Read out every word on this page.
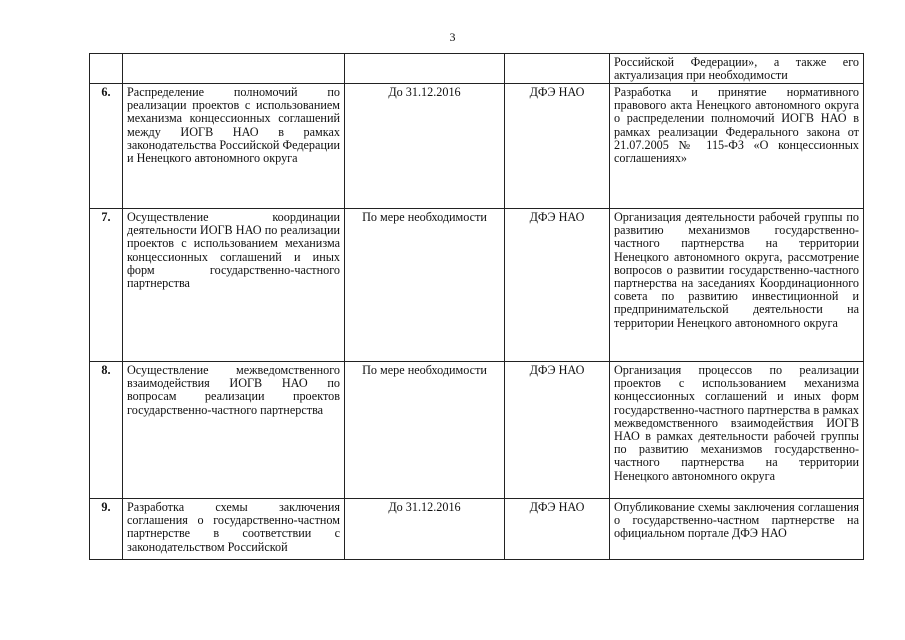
3
				Российской Федерации», а также его актуализация при необходимости
6.	Распределение полномочий по реализации проектов с использованием механизма концессионных соглашений между ИОГВ НАО в рамках законодательства Российской Федерации и Ненецкого автономного округа	До 31.12.2016	ДФЭ НАО	Разработка и принятие нормативного правового акта Ненецкого автономного округа о распределении полномочий ИОГВ НАО в рамках реализации Федерального закона от 21.07.2005 № 115-ФЗ «О концессионных соглашениях»
7.	Осуществление координации деятельности ИОГВ НАО по реализации проектов с использованием механизма концессионных соглашений и иных форм государственно-частного партнерства	По мере необходимости	ДФЭ НАО	Организация деятельности рабочей группы по развитию механизмов государственно-частного партнерства на территории Ненецкого автономного округа, рассмотрение вопросов о развитии государственно-частного партнерства на заседаниях Координационного совета по развитию инвестиционной и предпринимательской деятельности на территории Ненецкого автономного округа
8.	Осуществление межведомственного взаимодействия ИОГВ НАО по вопросам реализации проектов государственно-частного партнерства	По мере необходимости	ДФЭ НАО	Организация процессов по реализации проектов с использованием механизма концессионных соглашений и иных форм государственно-частного партнерства в рамках межведомственного взаимодействия ИОГВ НАО в рамках деятельности рабочей группы по развитию механизмов государственно-частного партнерства на территории Ненецкого автономного округа
9.	Разработка схемы заключения соглашения о государственно-частном партнерстве в соответствии с законодательством Российской	До 31.12.2016	ДФЭ НАО	Опубликование схемы заключения соглашения о государственно-частном партнерстве на официальном портале ДФЭ НАО
